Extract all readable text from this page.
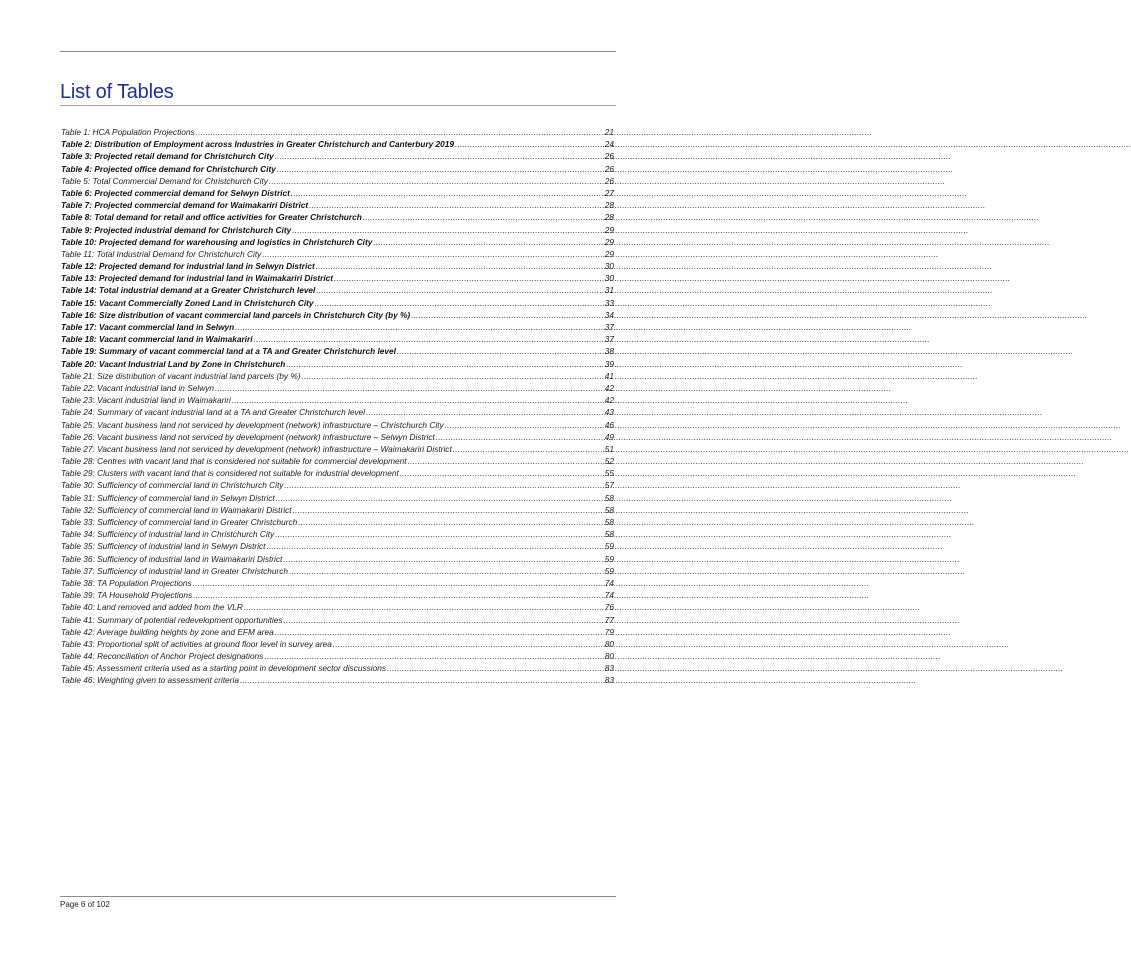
List of Tables
Table 1: HCA Population Projections .....	21
Table 2: Distribution of Employment across Industries in Greater Christchurch and Canterbury 2019 .....	24
Table 3: Projected retail demand for Christchurch City .....	26
Table 4: Projected office demand for Christchurch City .....	26
Table 5: Total Commercial Demand for Christchurch City .....	26
Table 6: Projected commercial demand for Selwyn District .....	27
Table 7: Projected commercial demand for Waimakariri District .....	28
Table 8: Total demand for retail and office activities for Greater Christchurch .....	28
Table 9: Projected industrial demand for Christchurch City .....	29
Table 10: Projected demand for warehousing and logistics in Christchurch City .....	29
Table 11: Total Industrial Demand for Christchurch City .....	29
Table 12: Projected demand for industrial land in Selwyn District .....	30
Table 13: Projected demand for industrial land in Waimakariri District .....	30
Table 14: Total industrial demand at a Greater Christchurch level .....	31
Table 15: Vacant Commercially Zoned Land in Christchurch City .....	33
Table 16: Size distribution of vacant commercial land parcels in Christchurch City (by %) .....	34
Table 17: Vacant commercial land in Selwyn .....	37
Table 18: Vacant commercial land in Waimakariri .....	37
Table 19: Summary of vacant commercial land at a TA and Greater Christchurch level .....	38
Table 20: Vacant Industrial Land by Zone in Christchurch .....	39
Table 21: Size distribution of vacant industrial land parcels (by %) .....	41
Table 22: Vacant industrial land in Selwyn .....	42
Table 23: Vacant industrial land in Waimakariri .....	42
Table 24: Summary of vacant industrial land at a TA and Greater Christchurch level .....	43
Table 25: Vacant business land not serviced by development (network) infrastructure – Christchurch City .....	46
Table 26: Vacant business land not serviced by development (network) infrastructure – Selwyn District .....	49
Table 27: Vacant business land not serviced by development (network) infrastructure – Waimakariri District .....	51
Table 28: Centres with vacant land that is considered not suitable for commercial development .....	52
Table 29: Clusters with vacant land that is considered not suitable for industrial development .....	55
Table 30: Sufficiency of commercial land in Christchurch City .....	57
Table 31: Sufficiency of commercial land in Selwyn District .....	58
Table 32: Sufficiency of commercial land in Waimakariri District .....	58
Table 33: Sufficiency of commercial land in Greater Christchurch .....	58
Table 34: Sufficiency of industrial land in Christchurch City .....	58
Table 35: Sufficiency of industrial land in Selwyn District .....	59
Table 36: Sufficiency of industrial land in Waimakariri District .....	59
Table 37: Sufficiency of industrial land in Greater Christchurch .....	59
Table 38: TA Population Projections .....	74
Table 39: TA Household Projections .....	74
Table 40: Land removed and added from the VLR .....	76
Table 41: Summary of potential redevelopment opportunities .....	77
Table 42: Average building heights by zone and EFM area .....	79
Table 43: Proportional split of activities at ground floor level in survey area .....	80
Table 44: Reconciliation of Anchor Project designations .....	80
Table 45: Assessment criteria used as a starting point in development sector discussions .....	83
Table 46: Weighting given to assessment criteria .....	83
Page 6 of 102
